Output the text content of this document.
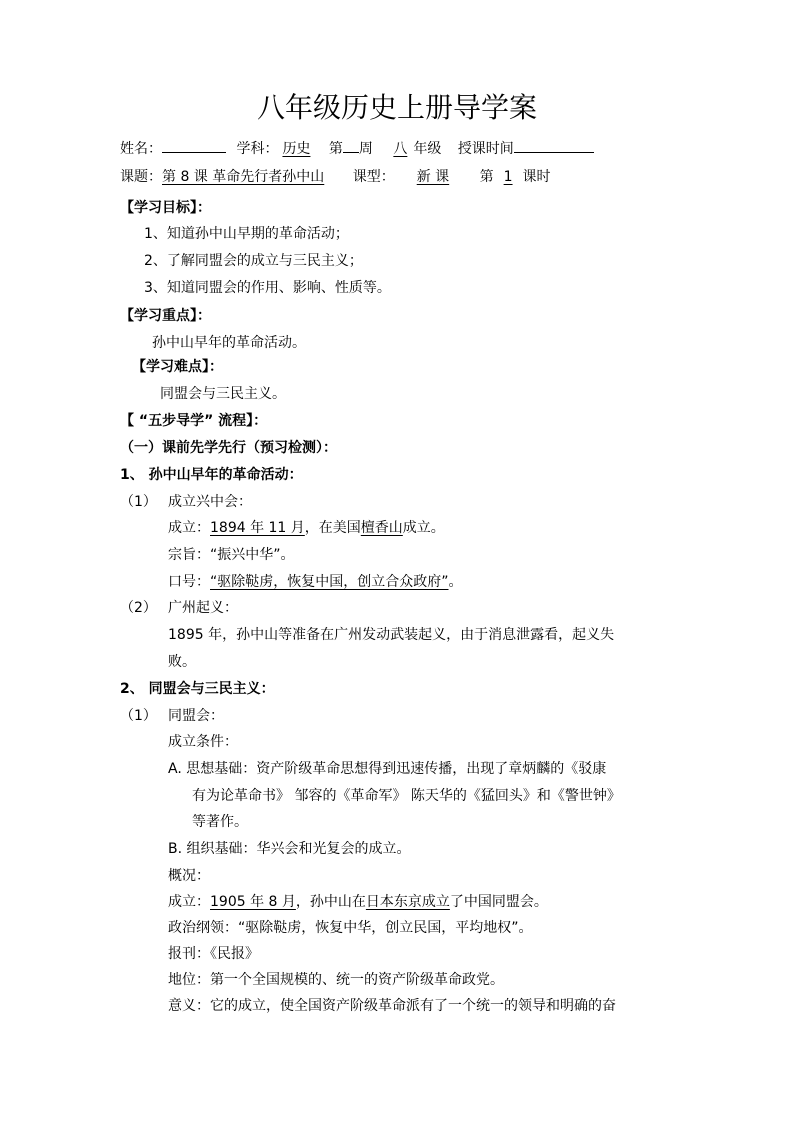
八年级历史上册导学案
姓名：	学科： 历史 第 周 八 年级 授课时间
课题：第 8 课 革命先行者孙中山 课型： 新 课 第 1 课时
【学习目标】：
1、知道孙中山早期的革命活动；
2、了解同盟会的成立与三民主义；
3、知道同盟会的作用、影响、性质等。
【学习重点】：
孙中山早年的革命活动。
【学习难点】：
同盟会与三民主义。
【 “五步导学” 流程】：
（一）课前先学先行（预习检测）：
1、 孙中山早年的革命活动：
（1） 成立兴中会：
成立：1894 年 11 月，在美国檀香山成立。
宗旨：“振兴中华”。
口号：“驱除鞑虏，恢复中国，创立合众政府”。
（2） 广州起义：
1895 年，孙中山等准备在广州发动武装起义，由于消息泄露看，起义失
败。
2、 同盟会与三民主义：
（1） 同盟会：
成立条件：
A. 思想基础：资产阶级革命思想得到迅速传播，出现了章炳麟的《驳康
有为论革命书》 邹容的《革命军》 陈天华的《猛回头》和《警世钟》
等著作。
B. 组织基础：华兴会和光复会的成立。
概况：
成立：1905 年 8 月，孙中山在日本东京成立了中国同盟会。
政治纲领：“驱除鞑虏，恢复中华，创立民国，平均地权”。
报刊：《民报》
地位：第一个全国规模的、统一的资产阶级革命政党。
意义：它的成立，使全国资产阶级革命派有了一个统一的领导和明确的奋
